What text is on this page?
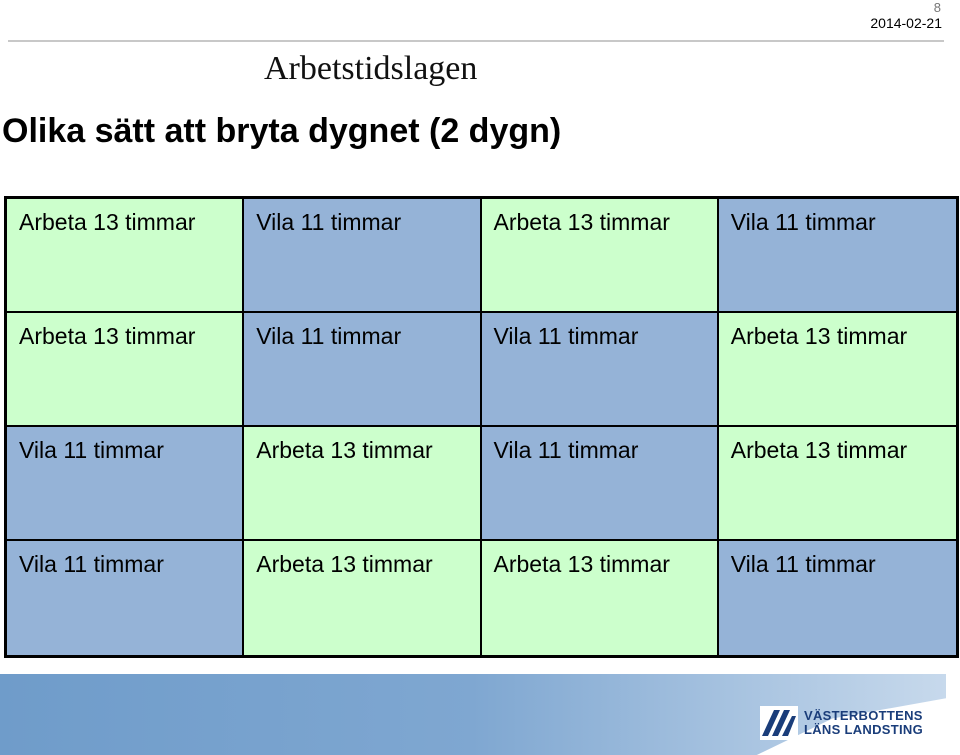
8
2014-02-21
Arbetstidslagen
Olika sätt att bryta dygnet (2 dygn)
Arbeta 13 timmar	Vila 11 timmar	Arbeta 13 timmar	Vila 11 timmar
Arbeta 13 timmar	Vila 11 timmar	Vila 11 timmar	Arbeta 13 timmar
Vila 11 timmar	Arbeta 13 timmar	Vila 11 timmar	Arbeta 13 timmar
Vila 11 timmar	Arbeta 13 timmar	Arbeta 13 timmar	Vila 11 timmar
VÄSTERBOTTENS
LÄNS LANDSTING
